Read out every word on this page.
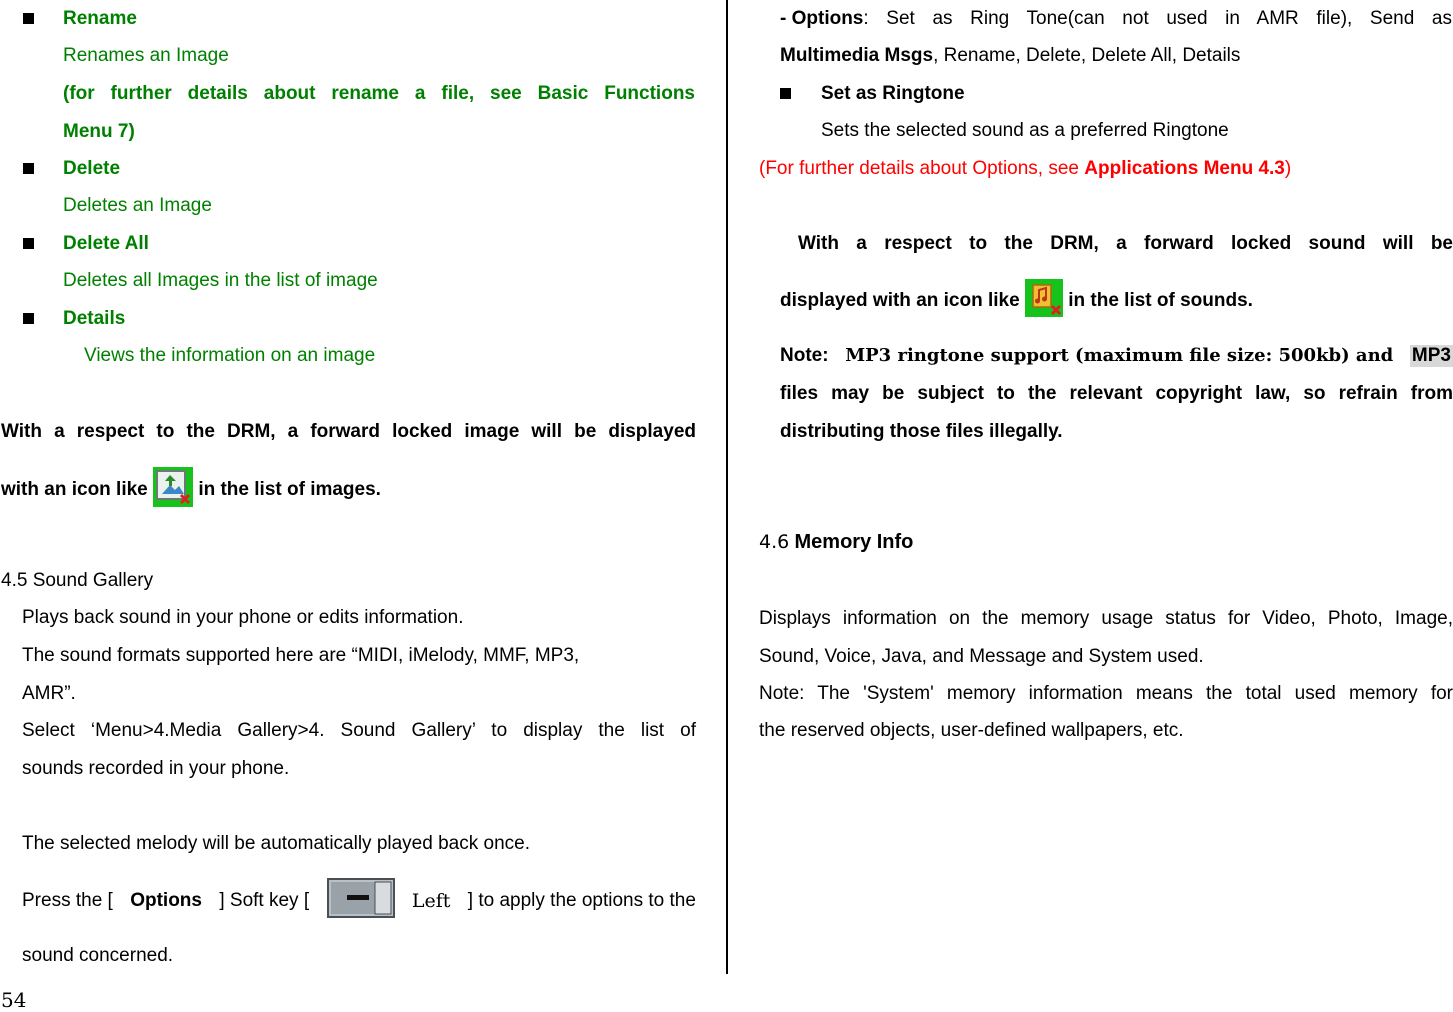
Rename
Renames an Image
(for further details about rename a file, see Basic Functions
Menu 7)
Delete
Deletes an Image
Delete All
Deletes all Images in the list of image
Details
Views the information on an image
With a respect to the DRM, a forward locked image will be displayed
with an icon like	in the list of images.
4.5 Sound Gallery
Plays back sound in your phone or edits information.
The sound formats supported here are “MIDI, iMelody, MMF, MP3,
AMR”.
Select ‘Menu>4.Media Gallery>4. Sound Gallery’ to display the list of
sounds recorded in your phone.
The selected melody will be automatically played back once.
Press the [ Options ] Soft key [	Left ] to apply the options to the
sound concerned.
- Options : Set as Ring Tone(can not used in AMR file), Send as
Multimedia Msgs, Rename, Delete, Delete All, Details
Set as Ringtone
Sets the selected sound as a preferred Ringtone
(For further details about Options, see Applications Menu 4.3)
With a respect to the DRM, a forward locked sound will be
displayed with an icon like	in the list of sounds.
Note: MP3 ringtone support (maximum file size: 500kb) and MP3
files may be subject to the relevant copyright law, so refrain from
distributing those files illegally.
4.6 Memory Info
Displays information on the memory usage status for Video, Photo, Image,
Sound, Voice, Java, and Message and System used.
Note: The 'System' memory information means the total used memory for
the reserved objects, user-defined wallpapers, etc.
54
